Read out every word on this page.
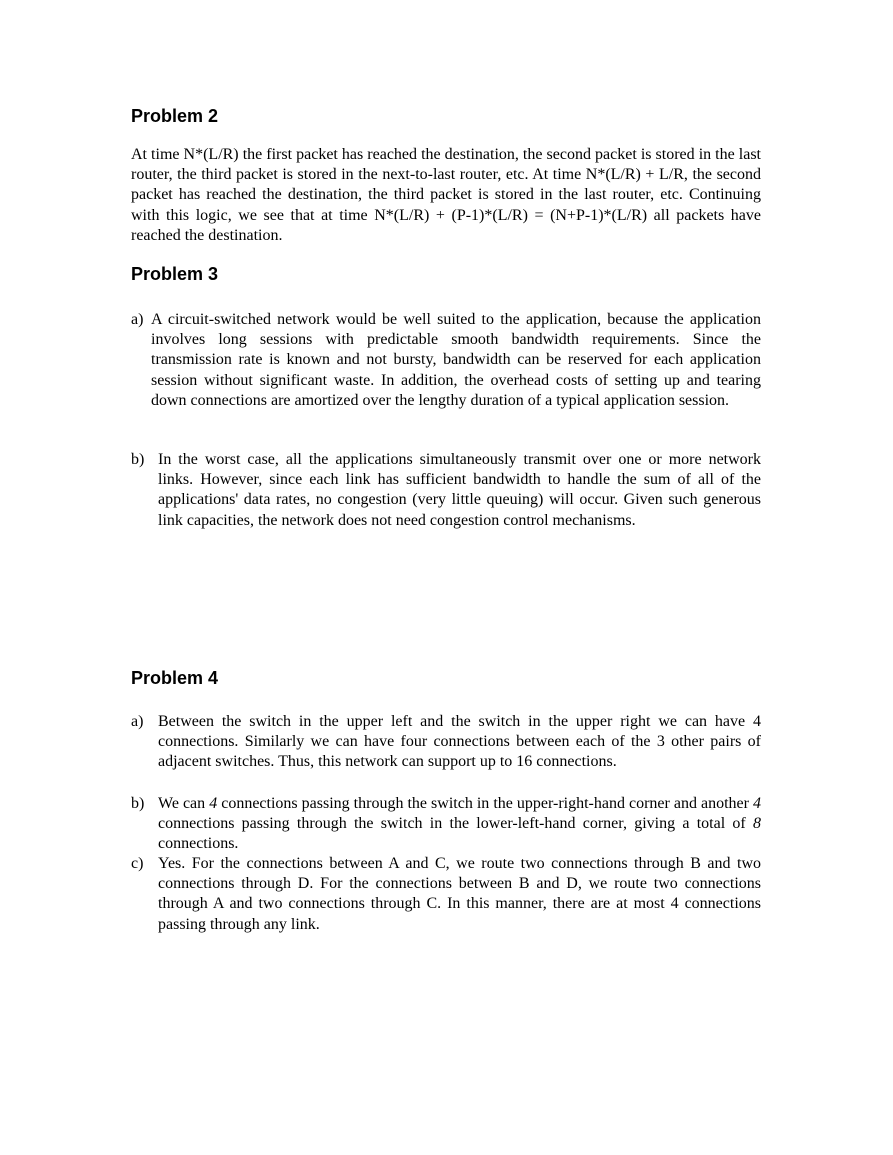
Problem 2

At time N*(L/R) the first packet has reached the destination, the second packet is stored in the last router, the third packet is stored in the next-to-last router, etc. At time N*(L/R) + L/R, the second packet has reached the destination, the third packet is stored in the last router, etc. Continuing with this logic, we see that at time N*(L/R) + (P-1)*(L/R) = (N+P-1)*(L/R) all packets have reached the destination.

Problem 3
a) A circuit-switched network would be well suited to the application, because the application involves long sessions with predictable smooth bandwidth requirements. Since the transmission rate is known and not bursty, bandwidth can be reserved for each application session without significant waste. In addition, the overhead costs of setting up and tearing down connections are amortized over the lengthy duration of a typical application session.
b) In the worst case, all the applications simultaneously transmit over one or more network links. However, since each link has sufficient bandwidth to handle the sum of all of the applications' data rates, no congestion (very little queuing) will occur. Given such generous link capacities, the network does not need congestion control mechanisms.
Problem 4
a) Between the switch in the upper left and the switch in the upper right we can have 4 connections. Similarly we can have four connections between each of the 3 other pairs of adjacent switches. Thus, this network can support up to 16 connections.
b) We can 4 connections passing through the switch in the upper-right-hand corner and another 4 connections passing through the switch in the lower-left-hand corner, giving a total of 8 connections.
c) Yes. For the connections between A and C, we route two connections through B and two connections through D. For the connections between B and D, we route two connections through A and two connections through C. In this manner, there are at most 4 connections passing through any link.
